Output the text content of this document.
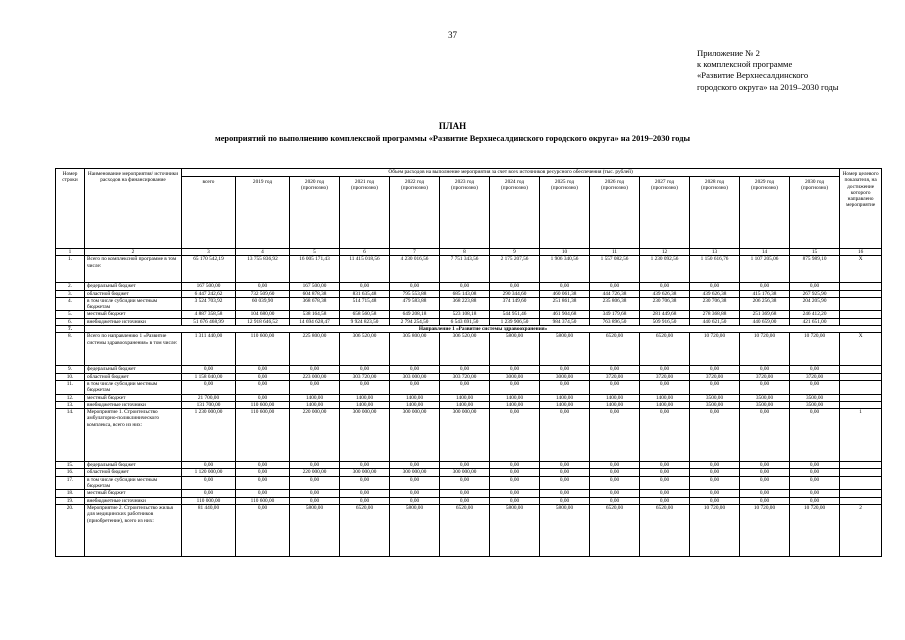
37
Приложение № 2
к комплексной программе
«Развитие Верхнесалдинского
городского округа» на 2019–2030 годы
ПЛАН
мероприятий по выполнению комплексной программы «Развитие Верхнесалдинского городского округа» на 2019–2030 годы
Номер строки	Наименование мероприятия/ источники расходов на финансирование	Объем расходов на выполнение мероприятия за счет всех источников ресурсного обеспечения (тыс. рублей)													Номер целевого показателя, на достижение которого направлено мероприятие
		всего	2019 год	2020 год (прогнозно)	2021 год (прогнозно)	2022 год (прогнозно)	2023 год (прогнозно)	2024 год (прогнозно)	2025 год (прогнозно)	2026 год (прогнозно)	2027 год (прогнозно)	2028 год (прогнозно)	2029 год (прогнозно)	2030 год (прогнозно)	
1	2	3	4	5	6	7	8	9	10	11	12	13	14	15	16
1.	Всего по комплексной программе в том числе:	65 170 542,19	13 755 836,92	16 005 171,43	11 415 018,56	4 230 016,56	7 751 343,56	2 175 207,56	1 906 340,56	1 557 082,56	1 230 092,56	1 150 616,76	1 107 205,06	875 989,10	Х
2.	федеральный бюджет	167 500,00	0,00	167 500,00	0,00	0,00	0,00	0,00	0,00	0,00	0,00	0,00	0,00	0,00	
3.	областной бюджет	6 447 242,62	732 509,60	604 878,38	831 635,48	795 553,88	685 143,08	290 344,60	460 061,38	444 726,38	439 626,38	439 626,38	415 176,38	267 925,90	
4.	в том числе субсидии местным бюджетам	3 524 703,92	60 039,90	368 678,38	514 715,48	479 583,88	368 223,88	374 149,60	251 861,38	235 806,38	230 706,38	230 706,38	206 256,38	204 205,90	
5.	местный бюджет	4 887 358,58	104 680,00	538 164,58	658 560,58	649 208,18	523 108,18	544 951,46	461 904,68	349 179,68	281 449,68	278 368,88	251 369,68	246 412,20	
6.	внебюджетные источники	51 676 468,99	12 918 646,52	14 694 628,47	9 924 823,50	2 794 254,50	6 543 691,50	1 239 906,50	984 374,50	763 896,50	509 916,50	440 621,50	440 659,00	421 651,00	
7.	Направление 1 «Развитие системы здравоохранения»														
8.	Всего по направлению 1 «Развитие системы здравоохранения» в том числе:	1 311 440,00	110 600,00	225 800,00	306 520,00	305 800,00	306 520,00	5800,00	5800,00	6520,00	6520,00	10 720,00	10 720,00	10 720,00	Х
9.	федеральный бюджет	0,00	0,00	0,00	0,00	0,00	0,00	0,00	0,00	0,00	0,00	0,00	0,00	0,00	
10.	областной бюджет	1 158 040,00	0,00	223 000,00	303 720,00	303 000,00	303 720,00	3000,00	3000,00	3720,00	3720,00	3720,00	3720,00	3720,00	
11.	в том числе субсидии местным бюджетам	0,00	0,00	0,00	0,00	0,00	0,00	0,00	0,00	0,00	0,00	0,00	0,00	0,00	
12.	местный бюджет	21 700,00	0,00	1400,00	1400,00	1400,00	1400,00	1400,00	1400,00	1400,00	1400,00	3500,00	3500,00	3500,00	
13.	внебюджетные источники	131 700,00	110 600,00	1400,00	1400,00	1400,00	1400,00	1400,00	1400,00	1400,00	1400,00	3500,00	3500,00	3500,00	
14.	Мероприятие 1. Строительство амбулаторно-поликлинического комплекса, всего из них:	1 230 000,00	110 600,00	220 000,00	300 000,00	300 000,00	300 000,00	0,00	0,00	0,00	0,00	0,00	0,00	0,00	1
15.	федеральный бюджет	0,00	0,00	0,00	0,00	0,00	0,00	0,00	0,00	0,00	0,00	0,00	0,00	0,00	
16.	областной бюджет	1 120 000,00	0,00	220 000,00	300 000,00	300 000,00	300 000,00	0,00	0,00	0,00	0,00	0,00	0,00	0,00	
17.	в том числе субсидии местным бюджетам	0,00	0,00	0,00	0,00	0,00	0,00	0,00	0,00	0,00	0,00	0,00	0,00	0,00	
18.	местный бюджет	0,00	0,00	0,00	0,00	0,00	0,00	0,00	0,00	0,00	0,00	0,00	0,00	0,00	
19.	внебюджетные источники	110 000,00	110 600,00	0,00	0,00	0,00	0,00	0,00	0,00	0,00	0,00	0,00	0,00	0,00	
20.	Мероприятие 2. Строительство жилья для медицинских работников (приобретение), всего из них:	81 440,00	0,00	5800,00	6520,00	5800,00	6520,00	5800,00	5800,00	6520,00	6520,00	10 720,00	10 720,00	10 720,00	2
